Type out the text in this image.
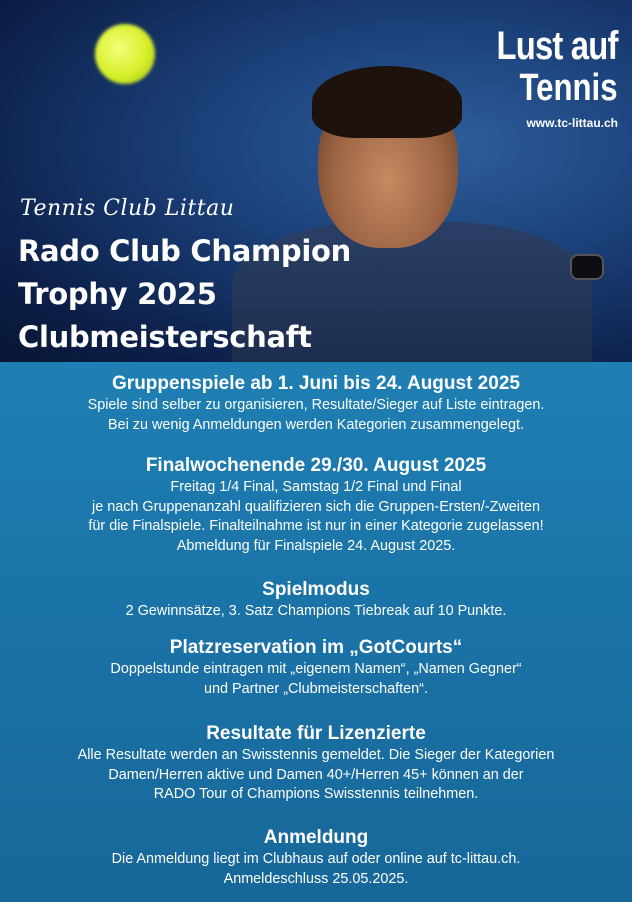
Lust auf
Tennis
www.tc-littau.ch
Tennis Club Littau
Rado Club Champion
Trophy 2025
Clubmeisterschaft
Gruppenspiele ab 1. Juni bis 24. August 2025

Spiele sind selber zu organisieren, Resultate/Sieger auf Liste eintragen.

Bei zu wenig Anmeldungen werden Kategorien zusammengelegt.

Finalwochenende 29./30. August 2025

Freitag 1/4 Final, Samstag 1/2 Final und Final

je nach Gruppenanzahl qualifizieren sich die Gruppen-Ersten/-Zweiten

für die Finalspiele. Finalteilnahme ist nur in einer Kategorie zugelassen!

Abmeldung für Finalspiele 24. August 2025.

Spielmodus

2 Gewinnsätze, 3. Satz Champions Tiebreak auf 10 Punkte.

Platzreservation im „GotCourts“

Doppelstunde eintragen mit „eigenem Namen“, „Namen Gegner“

und Partner „Clubmeisterschaften“.

Resultate für Lizenzierte

Alle Resultate werden an Swisstennis gemeldet. Die Sieger der Kategorien

Damen/Herren aktive und Damen 40+/Herren 45+ können an der

RADO Tour of Champions Swisstennis teilnehmen.

Anmeldung

Die Anmeldung liegt im Clubhaus auf oder online auf tc-littau.ch.

Anmeldeschluss 25.05.2025.
